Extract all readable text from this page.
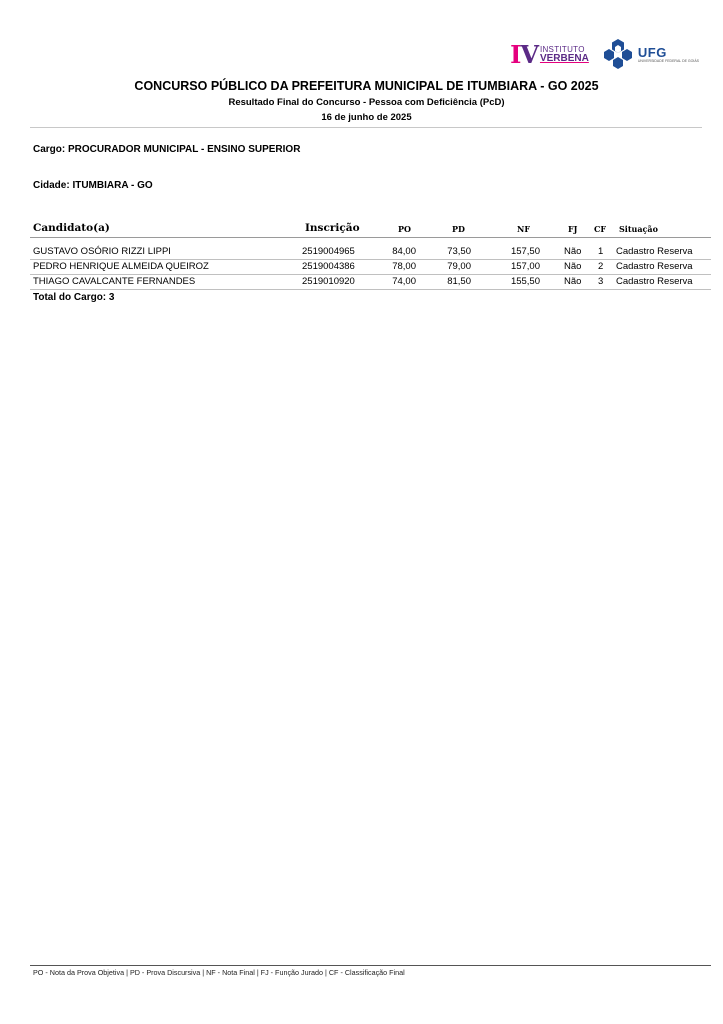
IV INSTITUTO
VERBENA	UFG
UNIVERSIDADE FEDERAL DE GOIÁS
CONCURSO PÚBLICO DA PREFEITURA MUNICIPAL DE ITUMBIARA - GO 2025
Resultado Final do Concurso - Pessoa com Deficiência (PcD)
16 de junho de 2025
Cargo: PROCURADOR MUNICIPAL - ENSINO SUPERIOR
Cidade: ITUMBIARA - GO
Candidato(a)	Inscrição	PO	PD	NF	FJ CF Situação
GUSTAVO OSÓRIO RIZZI LIPPI	2519004965	84,00	73,50	157,50	Não 1 Cadastro Reserva
PEDRO HENRIQUE ALMEIDA QUEIROZ	2519004386	78,00	79,00	157,00	Não 2 Cadastro Reserva
THIAGO CAVALCANTE FERNANDES	2519010920	74,00	81,50	155,50	Não 3 Cadastro Reserva
Total do Cargo: 3
PO - Nota da Prova Objetiva | PD - Prova Discursiva | NF - Nota Final | FJ - Função Jurado | CF - Classificação Final
